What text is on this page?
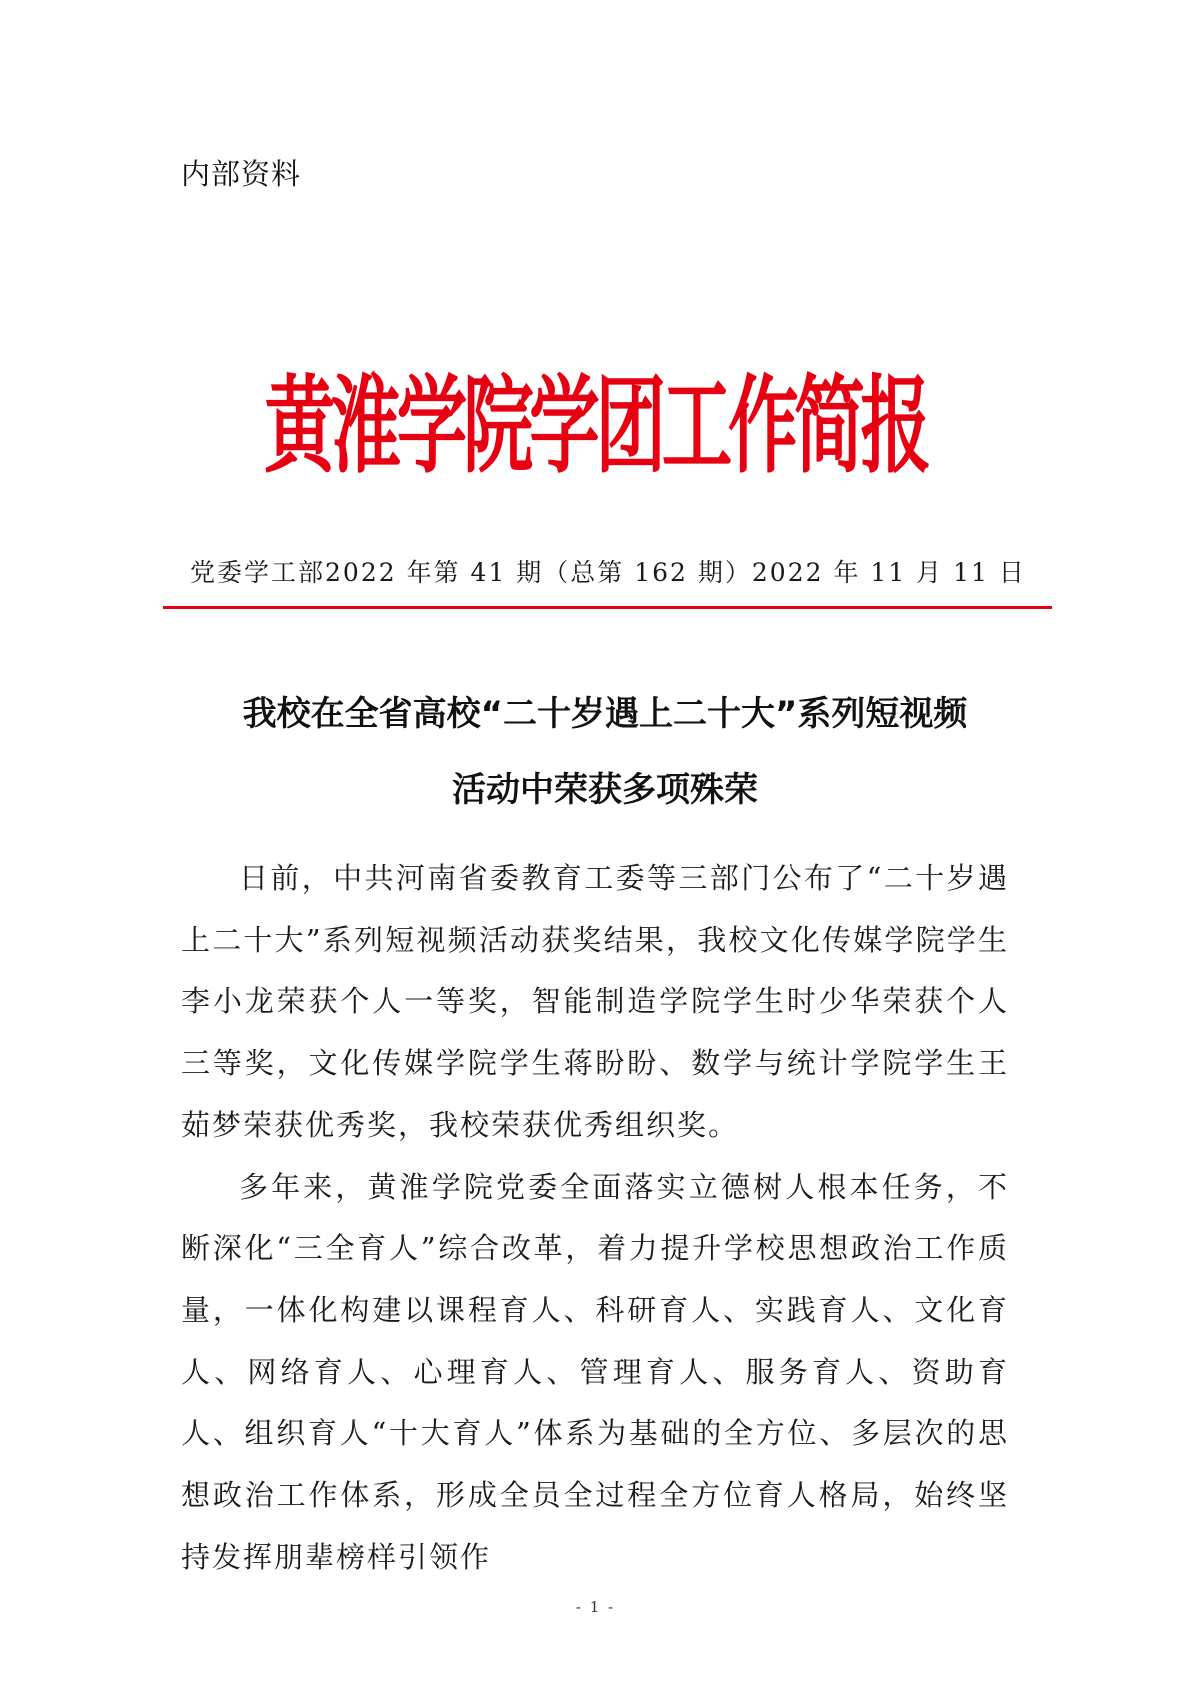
内部资料
黄淮学院学团工作简报
党委学工部 2022 年第 41 期（总第 162 期） 2022 年 11 月 11 日
我校在全省高校“二十岁遇上二十大”系列短视频
活动中荣获多项殊荣

日前，中共河南省委教育工委等三部门公布了“二十岁遇上二十大”系列短视频活动获奖结果，我校文化传媒学院学生李小龙荣获个人一等奖，智能制造学院学生时少华荣获个人三等奖，文化传媒学院学生蒋盼盼、数学与统计学院学生王茹梦荣获优秀奖，我校荣获优秀组织奖。

多年来，黄淮学院党委全面落实立德树人根本任务，不断深化“三全育人”综合改革，着力提升学校思想政治工作质量，一体化构建以课程育人、科研育人、实践育人、文化育人、网络育人、心理育人、管理育人、服务育人、资助育人、组织育人“十大育人”体系为基础的全方位、多层次的思想政治工作体系，形成全员全过程全方位育人格局，始终坚持发挥朋辈榜样引领作

- 1 -
